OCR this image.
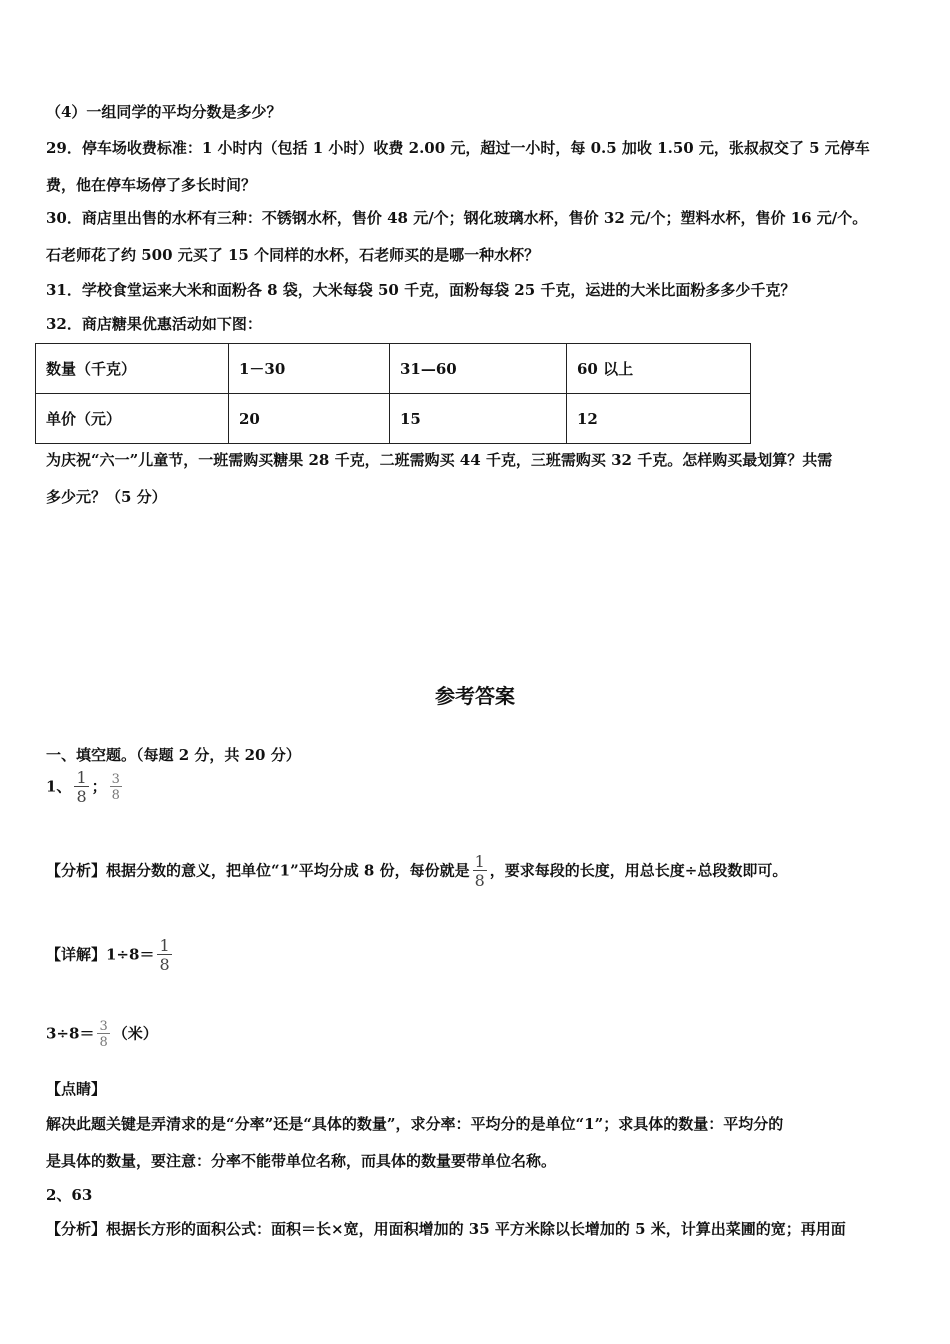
（4）一组同学的平均分数是多少？
29．停车场收费标准：1 小时内（包括 1 小时）收费 2.00 元，超过一小时，每 0.5 加收 1.50 元，张叔叔交了 5 元停车
费，他在停车场停了多长时间？
30．商店里出售的水杯有三种：不锈钢水杯，售价 48 元/个；钢化玻璃水杯，售价 32 元/个；塑料水杯，售价 16 元/个。
石老师花了约 500 元买了 15 个同样的水杯，石老师买的是哪一种水杯？
31．学校食堂运来大米和面粉各 8 袋，大米每袋 50 千克，面粉每袋 25 千克，运进的大米比面粉多多少千克？
32．商店糖果优惠活动如下图：
数量（千克）	1－30	31—60	60 以上
单价（元）	20	15	12
为庆祝“六一”儿童节，一班需购买糖果 28 千克，二班需购买 44 千克，三班需购买 32 千克。怎样购买最划算？共需
多少元？（5 分）
参考答案
一、填空题。（每题 2 分，共 20 分）
1、 $\frac{1}{8}$ ； $\frac{3}{8}$
【分析】根据分数的意义，把单位“1”平均分成 8 份，每份就是 $\frac{1}{8}$ ，要求每段的长度，用总长度÷总段数即可。
【详解】$1\div 8= \frac{1}{8}$
$3\div 8= \frac{3}{8}$ （米）
【点睛】
解决此题关键是弄清求的是“分率”还是“具体的数量”，求分率：平均分的是单位“1”；求具体的数量：平均分的
是具体的数量，要注意：分率不能带单位名称，而具体的数量要带单位名称。
2、63
【分析】根据长方形的面积公式：面积＝长×宽，用面积增加的 35 平方米除以长增加的 5 米，计算出菜圃的宽；再用面
